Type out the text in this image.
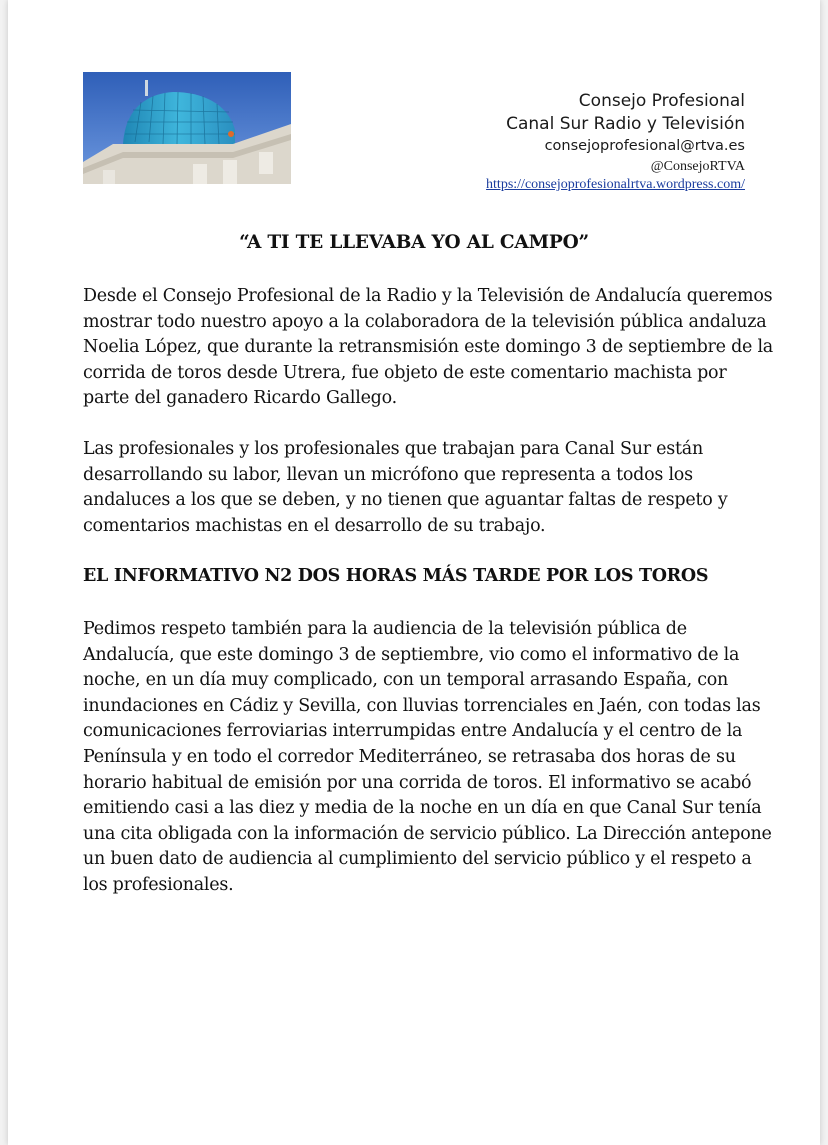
Consejo Profesional
Canal Sur Radio y Televisión
consejoprofesional@rtva.es
@ConsejoRTVA
https://consejoprofesionalrtva.wordpress.com/
“A TI TE LLEVABA YO AL CAMPO”

Desde el Consejo Profesional de la Radio y la Televisión de Andalucía queremos mostrar todo nuestro apoyo a la colaboradora de la televisión pública andaluza Noelia López, que durante la retransmisión este domingo 3 de septiembre de la corrida de toros desde Utrera, fue objeto de este comentario machista por parte del ganadero Ricardo Gallego.

Las profesionales y los profesionales que trabajan para Canal Sur están desarrollando su labor, llevan un micrófono que representa a todos los andaluces a los que se deben, y no tienen que aguantar faltas de respeto y comentarios machistas en el desarrollo de su trabajo.

EL INFORMATIVO N2 DOS HORAS MÁS TARDE POR LOS TOROS

Pedimos respeto también para la audiencia de la televisión pública de Andalucía, que este domingo 3 de septiembre, vio como el informativo de la noche, en un día muy complicado, con un temporal arrasando España, con inundaciones en Cádiz y Sevilla, con lluvias torrenciales en Jaén, con todas las comunicaciones ferroviarias interrumpidas entre Andalucía y el centro de la Península y en todo el corredor Mediterráneo, se retrasaba dos horas de su horario habitual de emisión por una corrida de toros. El informativo se acabó emitiendo casi a las diez y media de la noche en un día en que Canal Sur tenía una cita obligada con la información de servicio público. La Dirección antepone un buen dato de audiencia al cumplimiento del servicio público y el respeto a los profesionales.
